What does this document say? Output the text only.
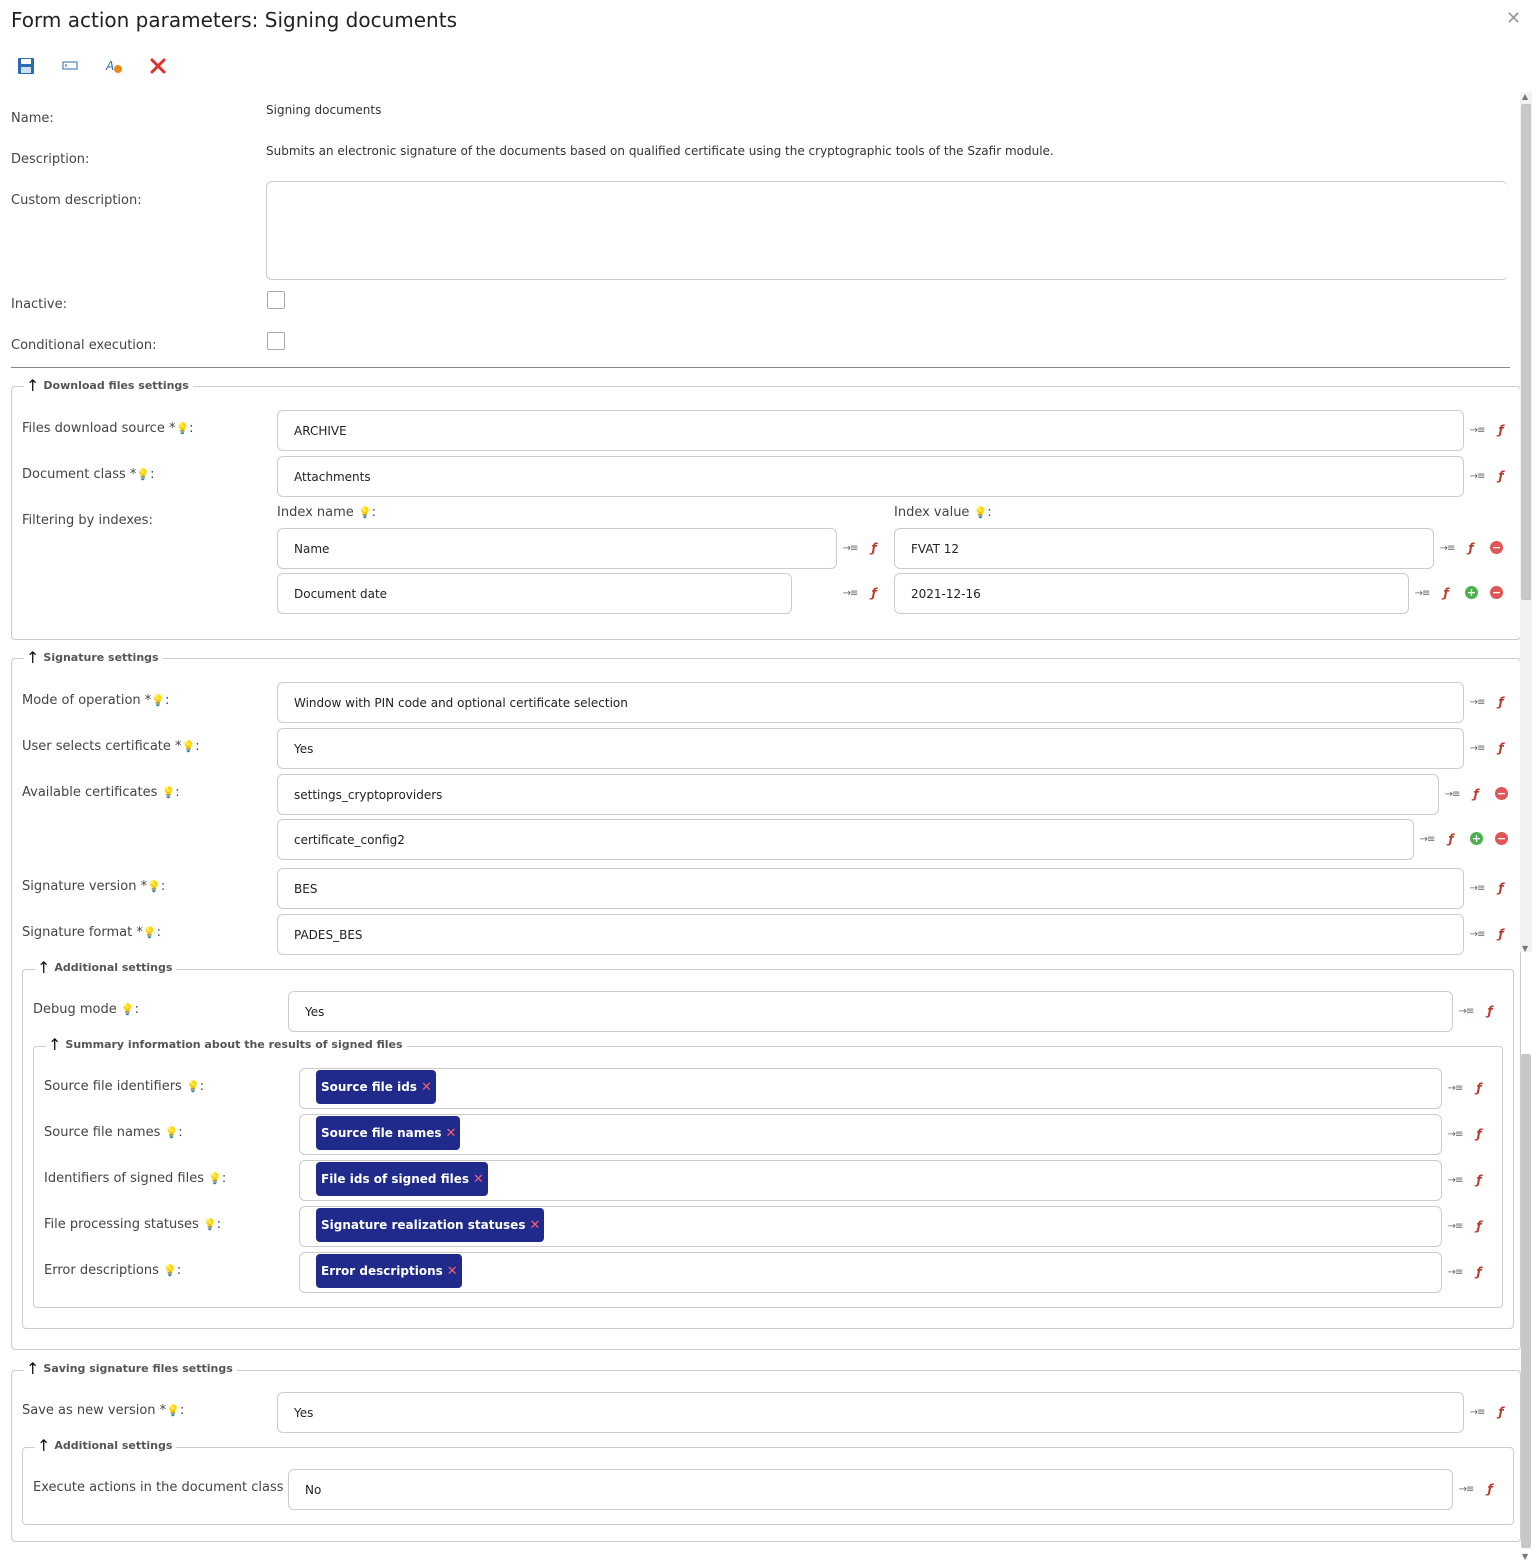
Form action parameters: Signing documents	✕
A
Name:
Signing documents
Description:
Submits an electronic signature of the documents based on qualified certificate using the cryptographic tools of the Szafir module.
Custom description:
Inactive:
Conditional execution:
↑ Download files settings
Files download source *💡:	ARCHIVE	→≡	ƒ
Document class *💡:	Attachments	→≡	ƒ
Filtering by indexes:
Index name 💡:	Index value 💡:
Name	→≡	ƒ	FVAT 12	→≡	ƒ	−
Document date	→≡	ƒ	2021-12-16	→≡	ƒ	+ −
↑ Signature settings
Mode of operation *💡:	Window with PIN code and optional certificate selection	→≡	ƒ
User selects certificate *💡:	Yes	→≡	ƒ
Available certificates 💡:	settings_cryptoproviders	→≡	ƒ	−
certificate_config2	→≡	ƒ	+ −
Signature version *💡:	BES	→≡	ƒ
Signature format *💡:	PADES_BES	→≡	ƒ
↑ Additional settings
Debug mode 💡:	Yes	→≡	ƒ
↑ Summary information about the results of signed files
Source file identifiers 💡:	Source file ids ✕	→≡	ƒ
Source file names 💡:	Source file names ✕	→≡	ƒ
Identifiers of signed files 💡:	File ids of signed files ✕	→≡	ƒ
File processing statuses 💡:	Signature realization statuses ✕	→≡	ƒ
Error descriptions 💡:	Error descriptions ✕	→≡	ƒ
↑ Saving signature files settings
Save as new version *💡:	Yes	→≡	ƒ
↑ Additional settings
Execute actions in the document class	No	→≡	ƒ
▲
▼
▼
